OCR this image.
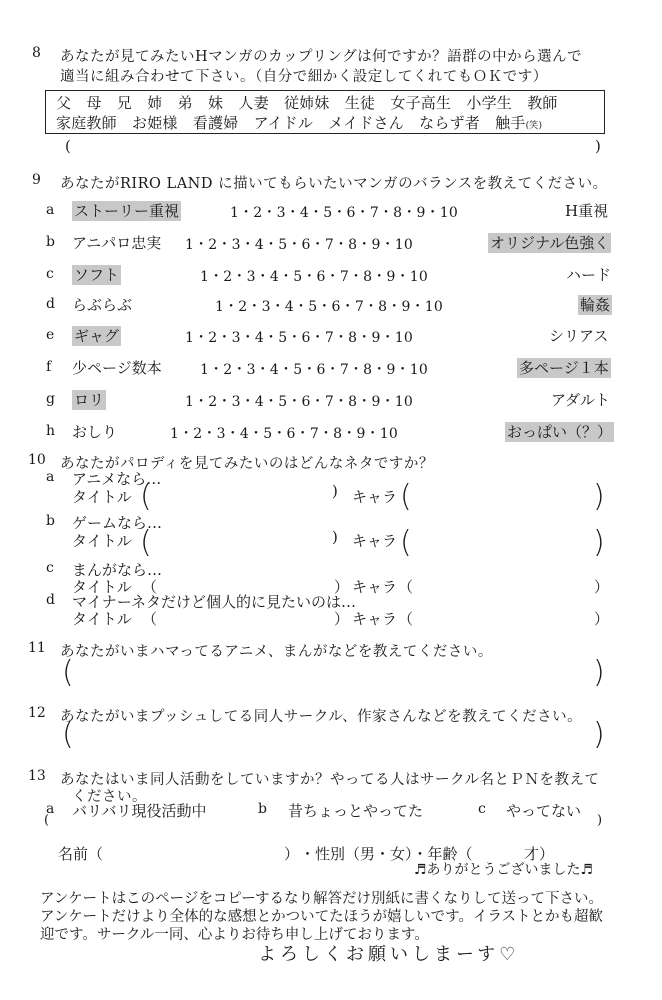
8 あなたが見てみたいHマンガのカップリングは何ですか？語群の中から選んで
適当に組み合わせて下さい。（自分で細かく設定してくれてもＯＫです）
父　母　兄　姉　弟　妹　人妻　従姉妹　生徒　女子高生　小学生　教師
家庭教師　お姫様　看護婦　アイドル　メイドさん　ならず者　触手(笑)
(	)
9 あなたがRIRO LAND に描いてもらいたいマンガのバランスを教えてください。
a ストーリー重視	1・2・3・4・5・6・7・8・9・10	H重視
b アニパロ忠実 1・2・3・4・5・6・7・8・9・10	オリジナル色強く
c ソフト	1・2・3・4・5・6・7・8・9・10	ハード
d らぶらぶ	1・2・3・4・5・6・7・8・9・10	輪姦
e ギャグ	1・2・3・4・5・6・7・8・9・10	シリアス
f 少ページ数本	1・2・3・4・5・6・7・8・9・10	多ページ１本
g ロリ	1・2・3・4・5・6・7・8・9・10	アダルト
h おしり	1・2・3・4・5・6・7・8・9・10	おっぱい（？）
10 あなたがパロディを見てみたいのはどんなネタですか？
a アニメなら…
タイトル (	) キャラ (	)
b ゲームなら…
タイトル (	) キャラ (	)
c まんがなら…
タイトル （	） キャラ （	）
d マイナーネタだけど個人的に見たいのは…
タイトル （	） キャラ （	）
11 あなたがいまハマってるアニメ、まんがなどを教えてください。
(	)
12 あなたがいまプッシュしてる同人サークル、作家さんなどを教えてください。
(	)
13 あなたはいま同人活動をしていますか？やってる人はサークル名とＰＮを教えて
ください。
a バリバリ現役活動中	b 昔ちょっとやってた	c やってない
(	)
名前（	） ・性別（男・女）・年齢（	才）
♬ありがとうございました♬
アンケートはこのページをコピーするなり解答だけ別紙に書くなりして送って下さい。
アンケートだけより全体的な感想とかついてたほうが嬉しいです。イラストとかも超歓
迎です。サークル一同、心よりお待ち申し上げております。
よろしくお願いしまーす♡
